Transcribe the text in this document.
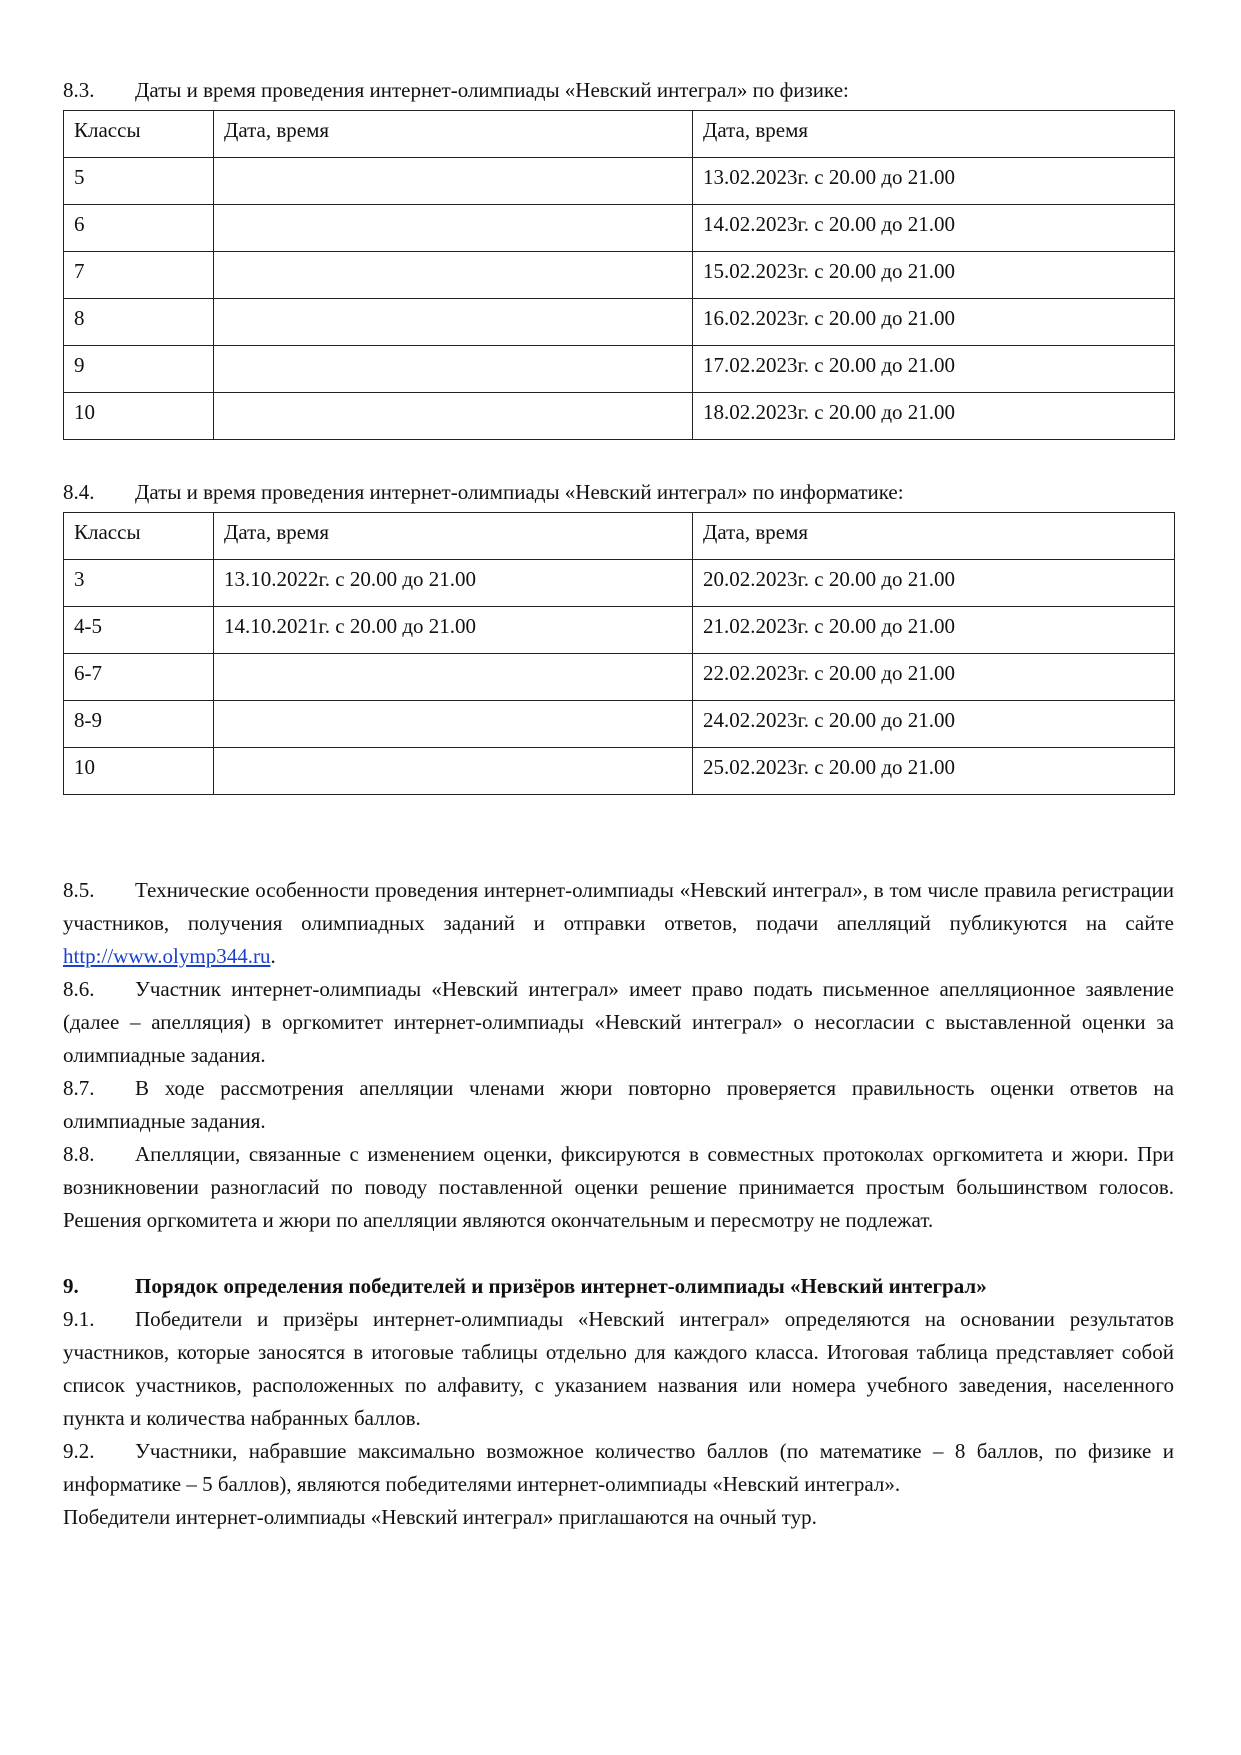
8.3.	Даты и время проведения интернет-олимпиады «Невский интеграл» по физике:
Классы	Дата, время	Дата, время
5		13.02.2023г. с 20.00 до 21.00
6		14.02.2023г. с 20.00 до 21.00
7		15.02.2023г. с 20.00 до 21.00
8		16.02.2023г. с 20.00 до 21.00
9		17.02.2023г. с 20.00 до 21.00
10		18.02.2023г. с 20.00 до 21.00
8.4.	Даты и время проведения интернет-олимпиады «Невский интеграл» по информатике:
Классы	Дата, время	Дата, время
3	13.10.2022г. с 20.00 до 21.00	20.02.2023г. с 20.00 до 21.00
4-5	14.10.2021г. с 20.00 до 21.00	21.02.2023г. с 20.00 до 21.00
6-7		22.02.2023г. с 20.00 до 21.00
8-9		24.02.2023г. с 20.00 до 21.00
10		25.02.2023г. с 20.00 до 21.00

8.5. Технические особенности проведения интернет-олимпиады «Невский интеграл», в том числе правила регистрации участников, получения олимпиадных заданий и отправки ответов, подачи апелляций публикуются на сайте http://www.olymp344.ru.

8.6. Участник интернет-олимпиады «Невский интеграл» имеет право подать письменное апелляционное заявление (далее – апелляция) в оргкомитет интернет-олимпиады «Невский интеграл» о несогласии с выставленной оценки за олимпиадные задания.

8.7. В ходе рассмотрения апелляции членами жюри повторно проверяется правильность оценки ответов на олимпиадные задания.

8.8. Апелляции, связанные с изменением оценки, фиксируются в совместных протоколах оргкомитета и жюри. При возникновении разногласий по поводу поставленной оценки решение принимается простым большинством голосов. Решения оргкомитета и жюри по апелляции являются окончательным и пересмотру не подлежат.

9.	Порядок определения победителей и призёров интернет-олимпиады «Невский интеграл»

9.1. Победители и призёры интернет-олимпиады «Невский интеграл» определяются на основании результатов участников, которые заносятся в итоговые таблицы отдельно для каждого класса. Итоговая таблица представляет собой список участников, расположенных по алфавиту, с указанием названия или номера учебного заведения, населенного пункта и количества набранных баллов.

9.2. Участники, набравшие максимально возможное количество баллов (по математике – 8 баллов, по физике и информатике – 5 баллов), являются победителями интернет-олимпиады «Невский интеграл».

Победители интернет-олимпиады «Невский интеграл» приглашаются на очный тур.
